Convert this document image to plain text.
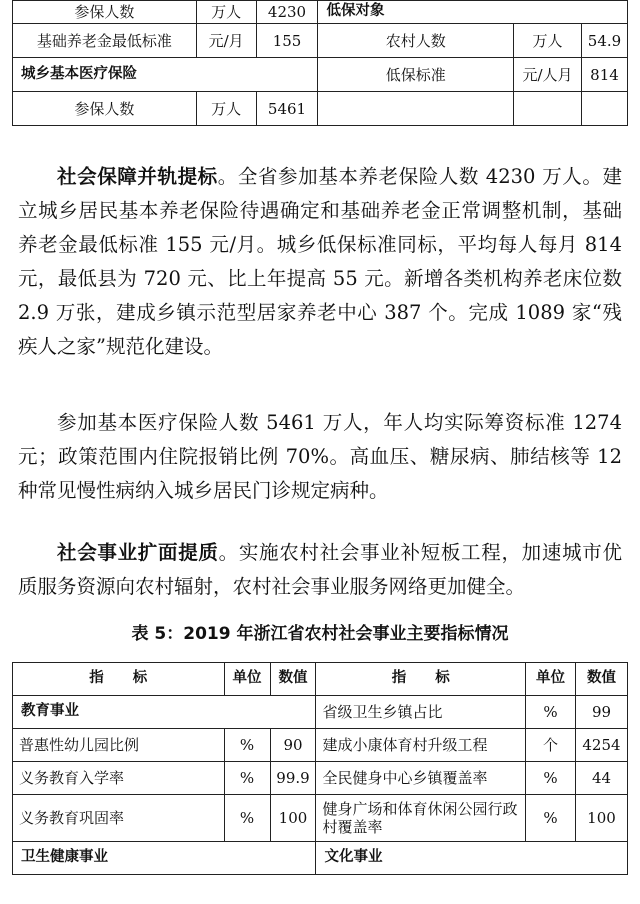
参保人数	万人	4230	低保对象		
基础养老金最低标准	元/月	155	农村人数	万人	54.9
城乡基本医疗保险			低保标准	元/人月	814
参保人数	万人	5461			

社会保障并轨提标。全省参加基本养老保险人数 4230 万人。建立城乡居民基本养老保险待遇确定和基础养老金正常调整机制，基础养老金最低标准 155 元/月。城乡低保标准同标，平均每人每月 814 元，最低县为 720 元、比上年提高 55 元。新增各类机构养老床位数 2.9 万张，建成乡镇示范型居家养老中心 387 个。完成 1089 家“残疾人之家”规范化建设。

参加基本医疗保险人数 5461 万人，年人均实际筹资标准 1274 元；政策范围内住院报销比例 70%。高血压、糖尿病、肺结核等 12 种常见慢性病纳入城乡居民门诊规定病种。

社会事业扩面提质。实施农村社会事业补短板工程，加速城市优质服务资源向农村辐射，农村社会事业服务网络更加健全。

表 5：2019 年浙江省农村社会事业主要指标情况
指　　标	单位	数值	指　　标	单位	数值
教育事业			省级卫生乡镇占比	%	99
普惠性幼儿园比例	%	90	建成小康体育村升级工程	个	4254
义务教育入学率	%	99.9	全民健身中心乡镇覆盖率	%	44
义务教育巩固率	%	100	健身广场和体育休闲公园行政村覆盖率	%	100
卫生健康事业			文化事业		
